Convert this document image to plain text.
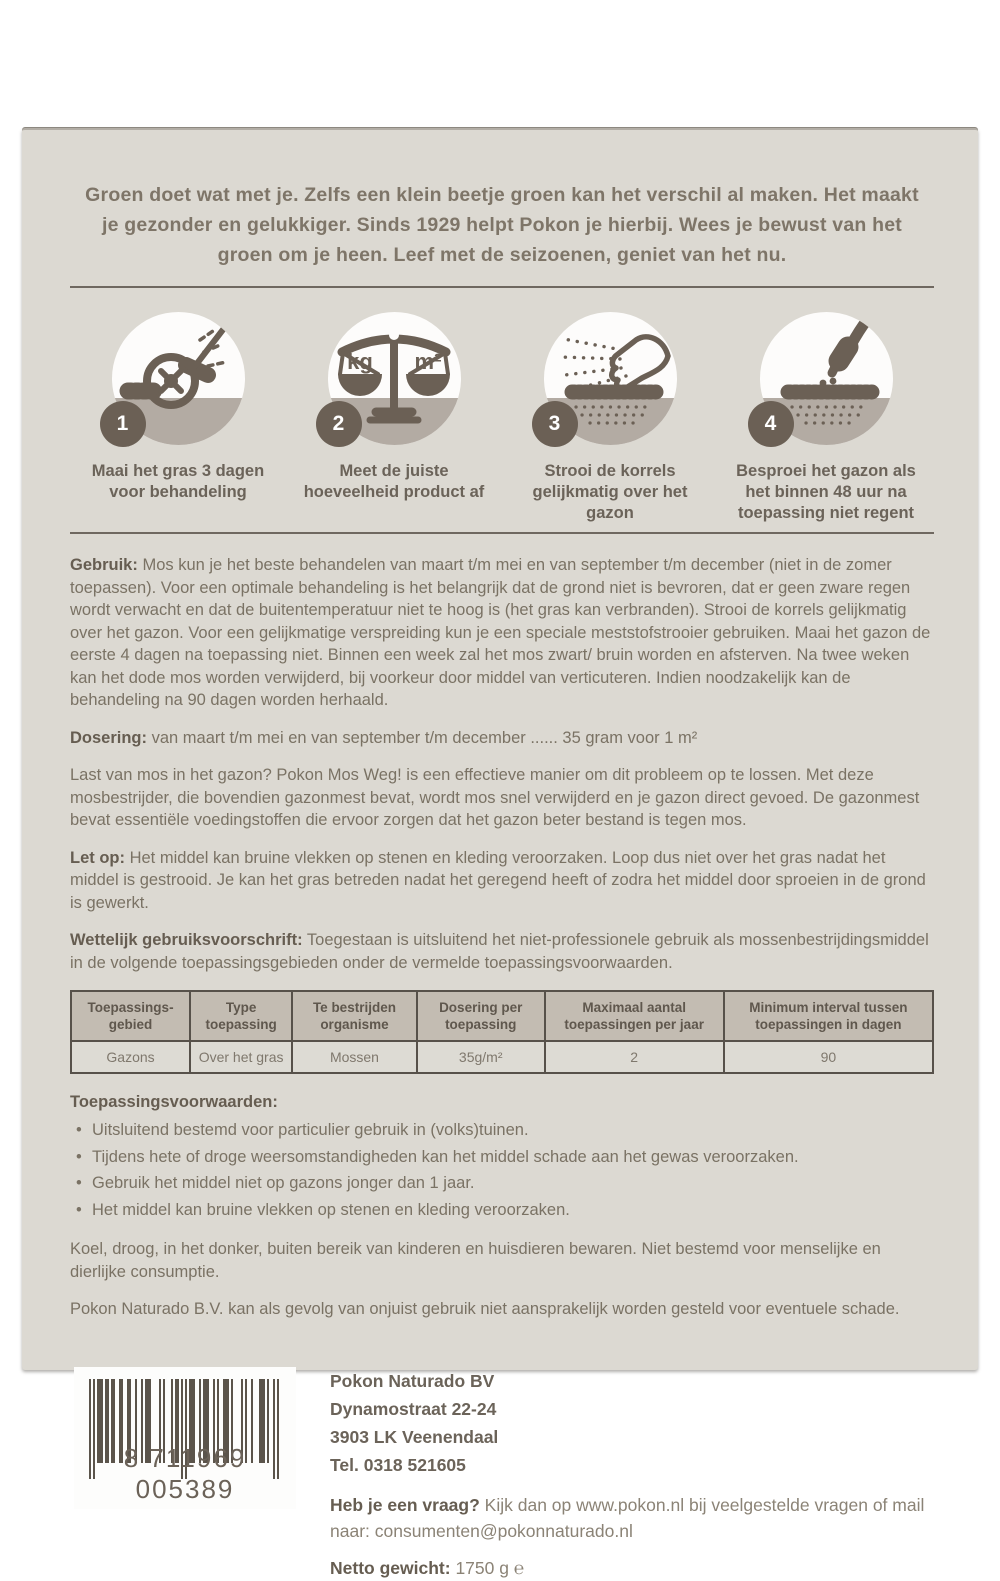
Groen doet wat met je. Zelfs een klein beetje groen kan het verschil al maken. Het maakt je gezonder en gelukkiger. Sinds 1929 helpt Pokon je hierbij. Wees je bewust van het groen om je heen. Leef met de seizoenen, geniet van het nu.

1
Maai het gras 3 dagen voor behandeling
kg m²
2
Meet de juiste hoeveelheid product af
3
Strooi de korrels gelijkmatig over het gazon
4
Besproei het gazon als het binnen 48 uur na toepassing niet regent

Gebruik: Mos kun je het beste behandelen van maart t/m mei en van september t/m december (niet in de zomer toepassen). Voor een optimale behandeling is het belangrijk dat de grond niet is bevroren, dat er geen zware regen wordt verwacht en dat de buitentemperatuur niet te hoog is (het gras kan verbranden). Strooi de korrels gelijkmatig over het gazon. Voor een gelijkmatige verspreiding kun je een speciale meststofstrooier gebruiken. Maai het gazon de eerste 4 dagen na toepassing niet. Binnen een week zal het mos zwart/ bruin worden en afsterven. Na twee weken kan het dode mos worden verwijderd, bij voorkeur door middel van verticuteren. Indien noodzakelijk kan de behandeling na 90 dagen worden herhaald.

Dosering: van maart t/m mei en van september t/m december ...... 35 gram voor 1 m²

Last van mos in het gazon? Pokon Mos Weg! is een effectieve manier om dit probleem op te lossen. Met deze mosbestrijder, die bovendien gazonmest bevat, wordt mos snel verwijderd en je gazon direct gevoed. De gazonmest bevat essentiële voedingstoffen die ervoor zorgen dat het gazon beter bestand is tegen mos.

Let op: Het middel kan bruine vlekken op stenen en kleding veroorzaken. Loop dus niet over het gras nadat het middel is gestrooid. Je kan het gras betreden nadat het geregend heeft of zodra het middel door sproeien in de grond is gewerkt.

Wettelijk gebruiksvoorschrift: Toegestaan is uitsluitend het niet-professionele gebruik als mossenbestrijdingsmiddel in de volgende toepassingsgebieden onder de vermelde toepassingsvoorwaarden.

Toepassingsgebied	Type toepassing	Te bestrijden organisme	Dosering per toepassing	Maximaal aantal toepassingen per jaar	Minimum interval tussen toepassingen in dagen
Gazons	Over het gras	Mossen	35g/m²	2	90
Toepassingsvoorwaarden:
• Uitsluitend bestemd voor particulier gebruik in (volks)tuinen.
• Tijdens hete of droge weersomstandigheden kan het middel schade aan het gewas veroorzaken.
• Gebruik het middel niet op gazons jonger dan 1 jaar.
• Het middel kan bruine vlekken op stenen en kleding veroorzaken.

Koel, droog, in het donker, buiten bereik van kinderen en huisdieren bewaren. Niet bestemd voor menselijke en dierlijke consumptie.

Pokon Naturado B.V. kan als gevolg van onjuist gebruik niet aansprakelijk worden gesteld voor eventuele schade.

8 711969 005389
Pokon Naturado BV
Dynamostraat 22-24
3903 LK Veenendaal
Tel. 0318 521605

Heb je een vraag? Kijk dan op www.pokon.nl bij veelgestelde vragen of mail naar: consumenten@pokonnaturado.nl

Netto gewicht: 1750 g ℮
